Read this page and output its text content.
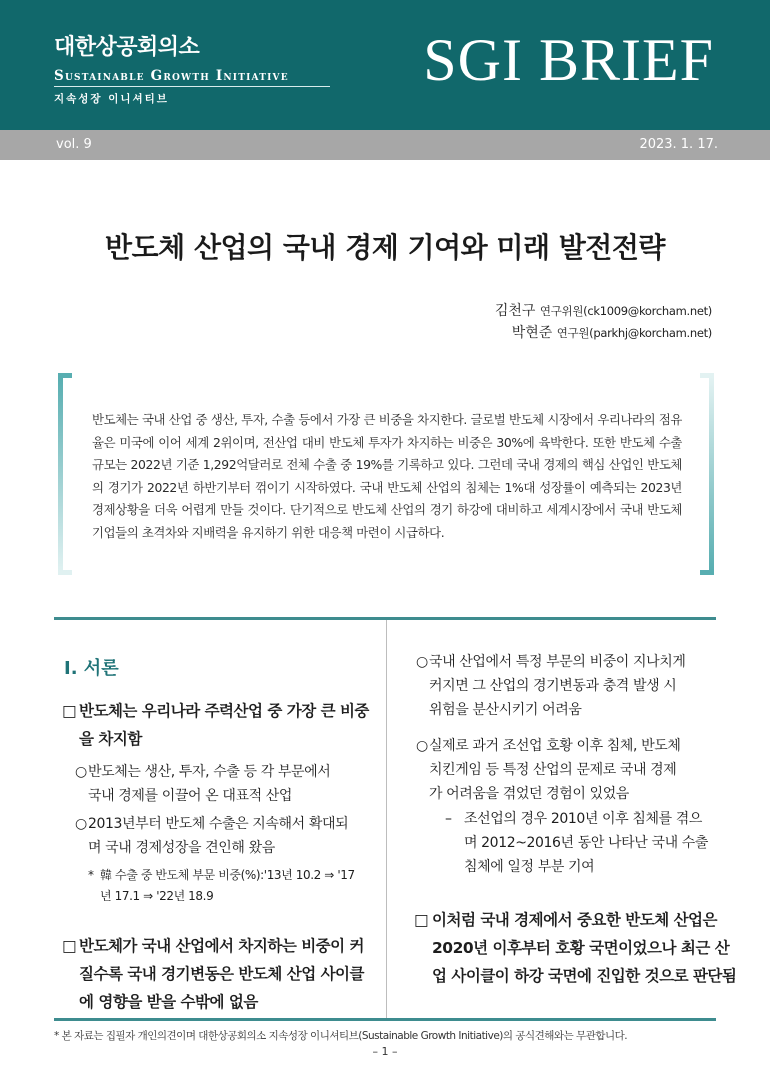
대한상공회의소
Sustainable Growth Initiative
지속성장 이니셔티브
SGI BRIEF
vol. 9	2023. 1. 17.
반도체 산업의 국내 경제 기여와 미래 발전전략
김천구 연구위원(ck1009@korcham.net)
박현준 연구원(parkhj@korcham.net)

반도체는 국내 산업 중 생산, 투자, 수출 등에서 가장 큰 비중을 차지한다. 글로벌 반도체 시장에서 우리나라의 점유율은 미국에 이어 세계 2위이며, 전산업 대비 반도체 투자가 차지하는 비중은 30%에 육박한다. 또한 반도체 수출 규모는 2022년 기준 1,292억달러로 전체 수출 중 19%를 기록하고 있다. 그런데 국내 경제의 핵심 산업인 반도체의 경기가 2022년 하반기부터 꺾이기 시작하였다. 국내 반도체 산업의 침체는 1%대 성장률이 예측되는 2023년 경제상황을 더욱 어렵게 만들 것이다. 단기적으로 반도체 산업의 경기 하강에 대비하고 세계시장에서 국내 반도체 기업들의 초격차와 지배력을 유지하기 위한 대응책 마련이 시급하다.

Ⅰ. 서론
□ 반도체는 우리나라 주력산업 중 가장 큰 비중
을 차지함
○반도체는 생산, 투자, 수출 등 각 부문에서
국내 경제를 이끌어 온 대표적 산업
○2013년부터 반도체 수출은 지속해서 확대되
며 국내 경제성장을 견인해 왔음
* 韓 수출 중 반도체 부문 비중(%):'13년 10.2 ⇒ '17
년 17.1 ⇒ '22년 18.9
□ 반도체가 국내 산업에서 차지하는 비중이 커
질수록 국내 경기변동은 반도체 산업 사이클
에 영향을 받을 수밖에 없음
○국내 산업에서 특정 부문의 비중이 지나치게
커지면 그 산업의 경기변동과 충격 발생 시
위험을 분산시키기 어려움
○실제로 과거 조선업 호황 이후 침체, 반도체
치킨게임 등 특정 산업의 문제로 국내 경제
가 어려움을 겪었던 경험이 있었음
– 조선업의 경우 2010년 이후 침체를 겪으
며 2012~2016년 동안 나타난 국내 수출
침체에 일정 부분 기여
□ 이처럼 국내 경제에서 중요한 반도체 산업은
2020년 이후부터 호황 국면이었으나 최근 산
업 사이클이 하강 국면에 진입한 것으로 판단됨
* 본 자료는 집필자 개인의견이며 대한상공회의소 지속성장 이니셔티브(Sustainable Growth Initiative)의 공식견해와는 무관합니다.
– 1 –
